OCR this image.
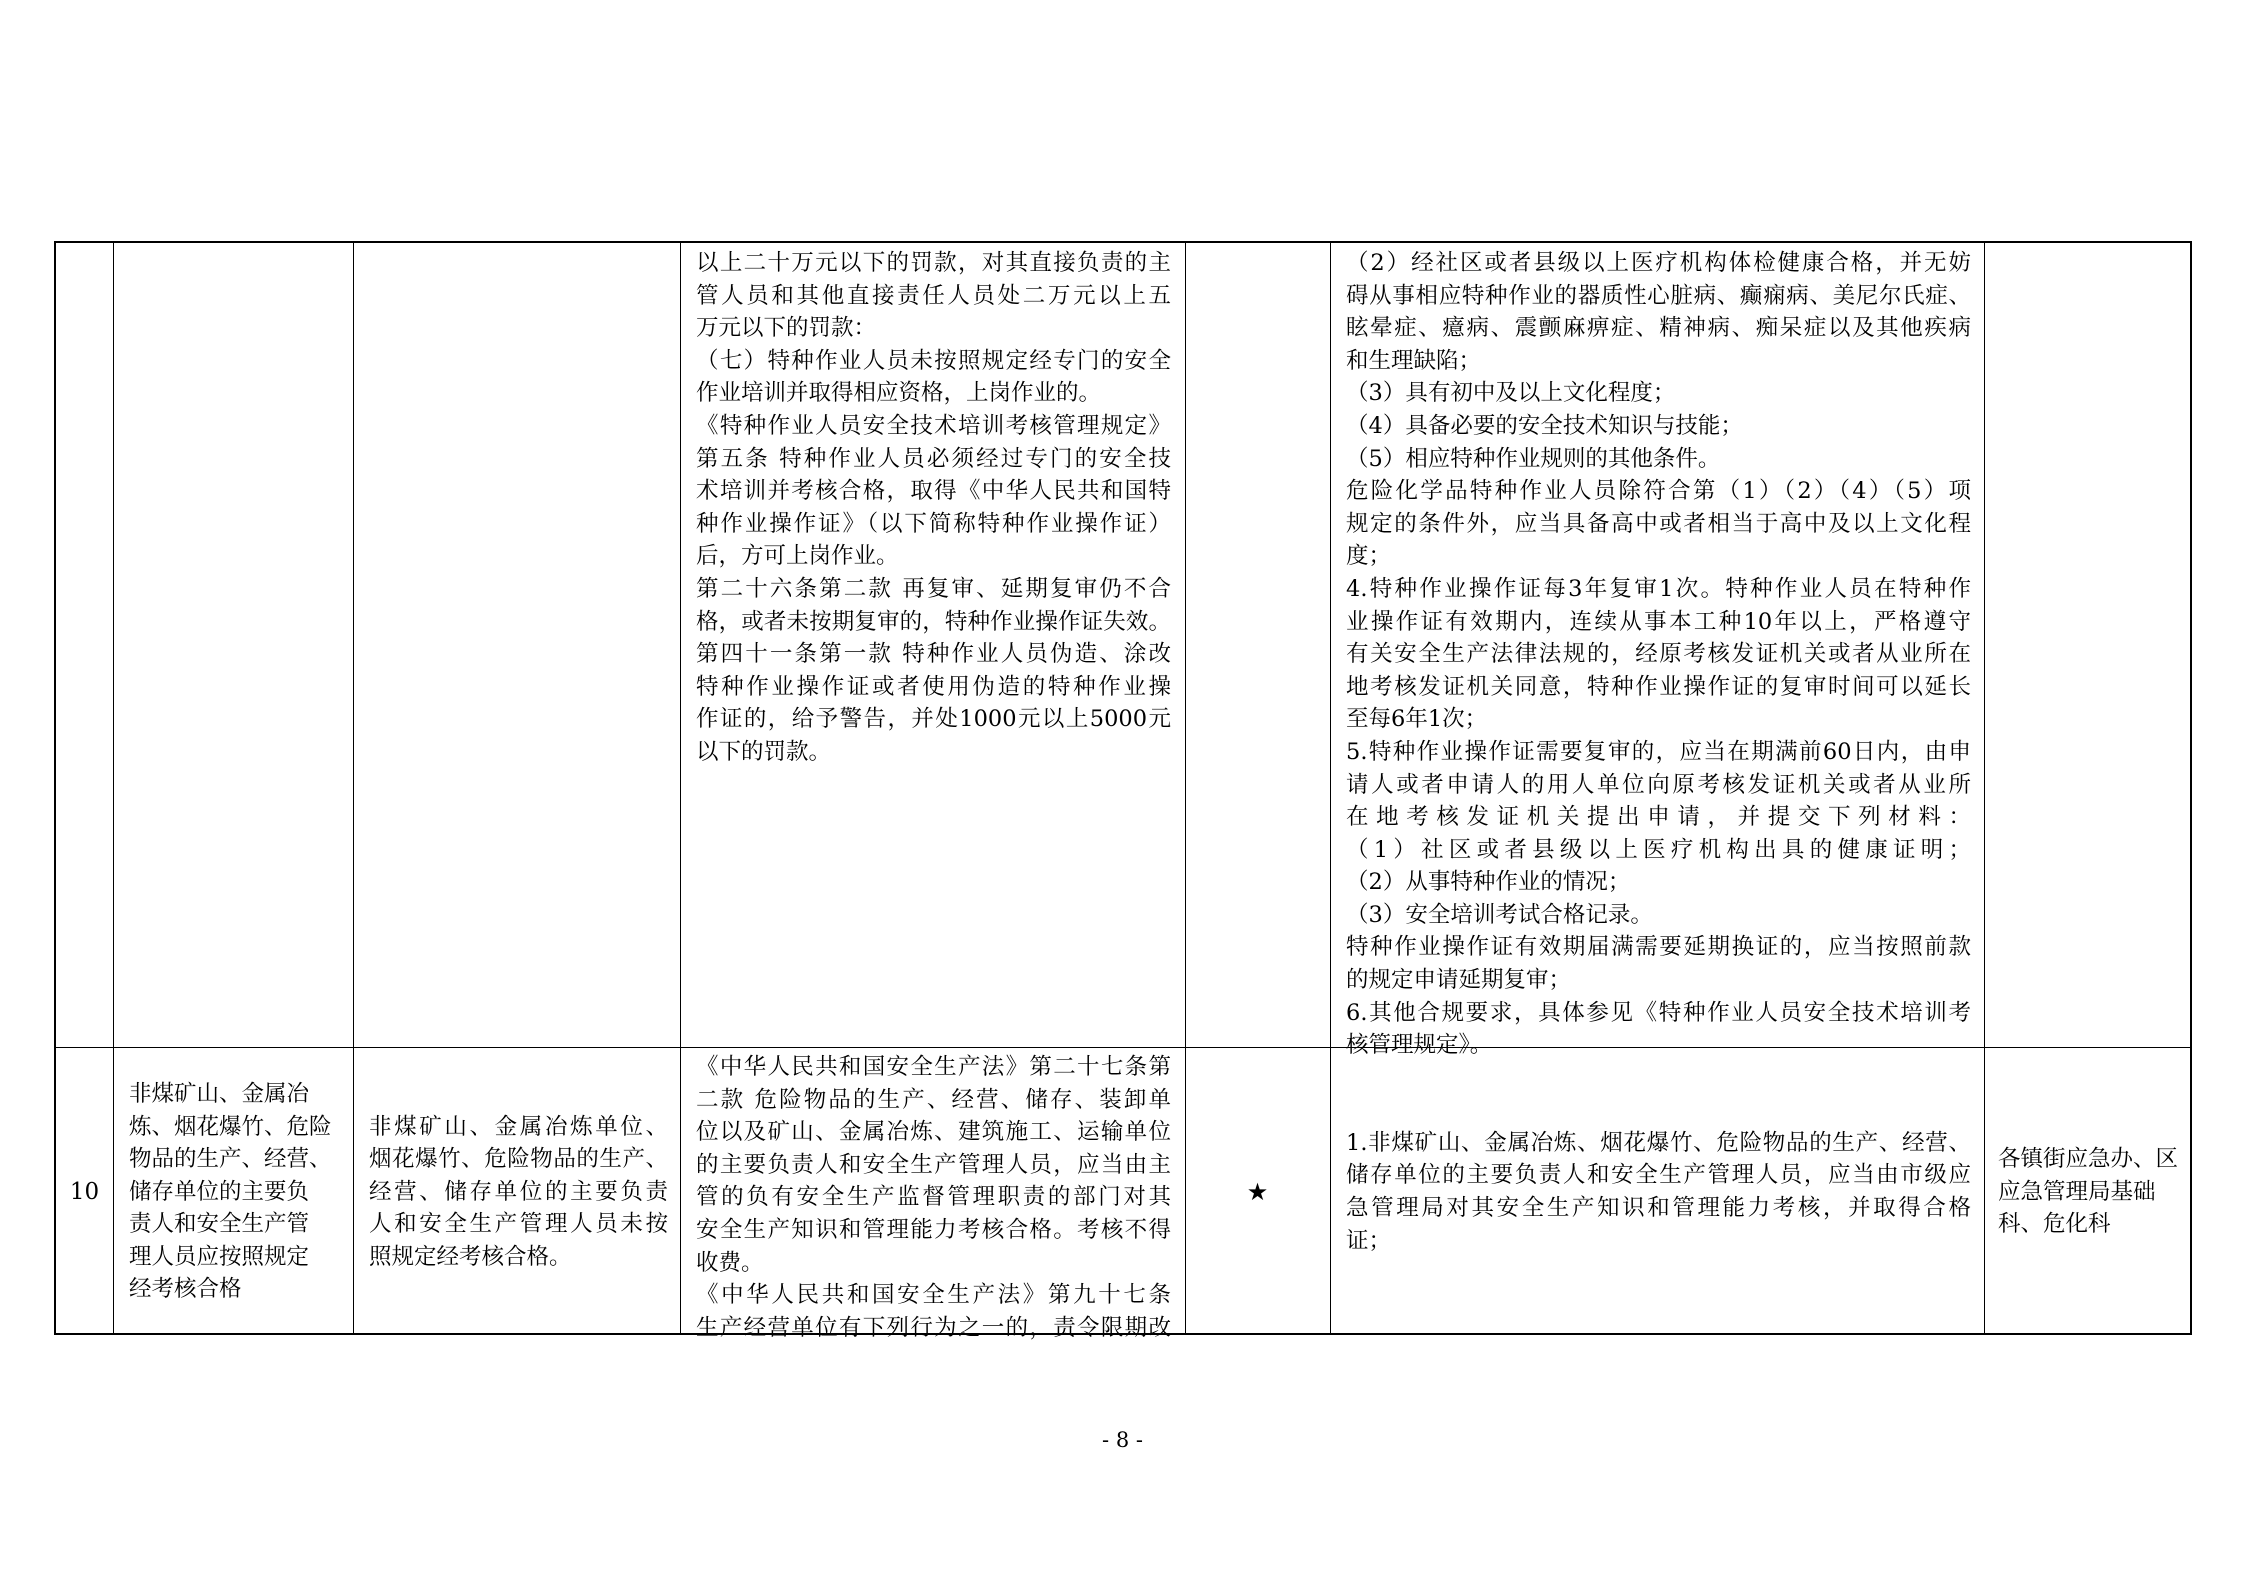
以上二十万元以下的罚款，对其直接负责的主

管人员和其他直接责任人员处二万元以上五

万元以下的罚款：

（七）特种作业人员未按照规定经专门的安全

作业培训并取得相应资格，上岗作业的。

《特种作业人员安全技术培训考核管理规定》

第五条 特种作业人员必须经过专门的安全技

术培训并考核合格，取得《中华人民共和国特

种作业操作证》（以下简称特种作业操作证）

后，方可上岗作业。

第二十六条第二款 再复审、延期复审仍不合

格，或者未按期复审的，特种作业操作证失效。

第四十一条第一款 特种作业人员伪造、涂改

特种作业操作证或者使用伪造的特种作业操

作证的，给予警告，并处1000元以上5000元

以下的罚款。

（2）经社区或者县级以上医疗机构体检健康合格，并无妨

碍从事相应特种作业的器质性心脏病、癫痫病、美尼尔氏症、

眩晕症、癔病、震颤麻痹症、精神病、痴呆症以及其他疾病

和生理缺陷；

（3）具有初中及以上文化程度；

（4）具备必要的安全技术知识与技能；

（5）相应特种作业规则的其他条件。

危险化学品特种作业人员除符合第（1）（2）（4）（5）项

规定的条件外，应当具备高中或者相当于高中及以上文化程

度；

4.特种作业操作证每3年复审1次。特种作业人员在特种作

业操作证有效期内，连续从事本工种10年以上，严格遵守

有关安全生产法律法规的，经原考核发证机关或者从业所在

地考核发证机关同意，特种作业操作证的复审时间可以延长

至每6年1次；

5.特种作业操作证需要复审的，应当在期满前60日内，由申

请人或者申请人的用人单位向原考核发证机关或者从业所

在地考核发证机关提出申请，并提交下列材料：

（1）社区或者县级以上医疗机构出具的健康证明；

（2）从事特种作业的情况；

（3）安全培训考试合格记录。

特种作业操作证有效期届满需要延期换证的，应当按照前款

的规定申请延期复审；

6.其他合规要求，具体参见《特种作业人员安全技术培训考

核管理规定》。

10

非煤矿山、金属冶

炼、烟花爆竹、危险

物品的生产、经营、

储存单位的主要负

责人和安全生产管

理人员应按照规定

经考核合格

非煤矿山、金属冶炼单位、

烟花爆竹、危险物品的生产、

经营、储存单位的主要负责

人和安全生产管理人员未按

照规定经考核合格。

《中华人民共和国安全生产法》第二十七条第

二款 危险物品的生产、经营、储存、装卸单

位以及矿山、金属冶炼、建筑施工、运输单位

的主要负责人和安全生产管理人员，应当由主

管的负有安全生产监督管理职责的部门对其

安全生产知识和管理能力考核合格。考核不得

收费。

《中华人民共和国安全生产法》第九十七条

生产经营单位有下列行为之一的，责令限期改

★

1.非煤矿山、金属冶炼、烟花爆竹、危险物品的生产、经营、

储存单位的主要负责人和安全生产管理人员，应当由市级应

急管理局对其安全生产知识和管理能力考核，并取得合格

证；

各镇街应急办、区

应急管理局基础

科、危化科

- 8 -
